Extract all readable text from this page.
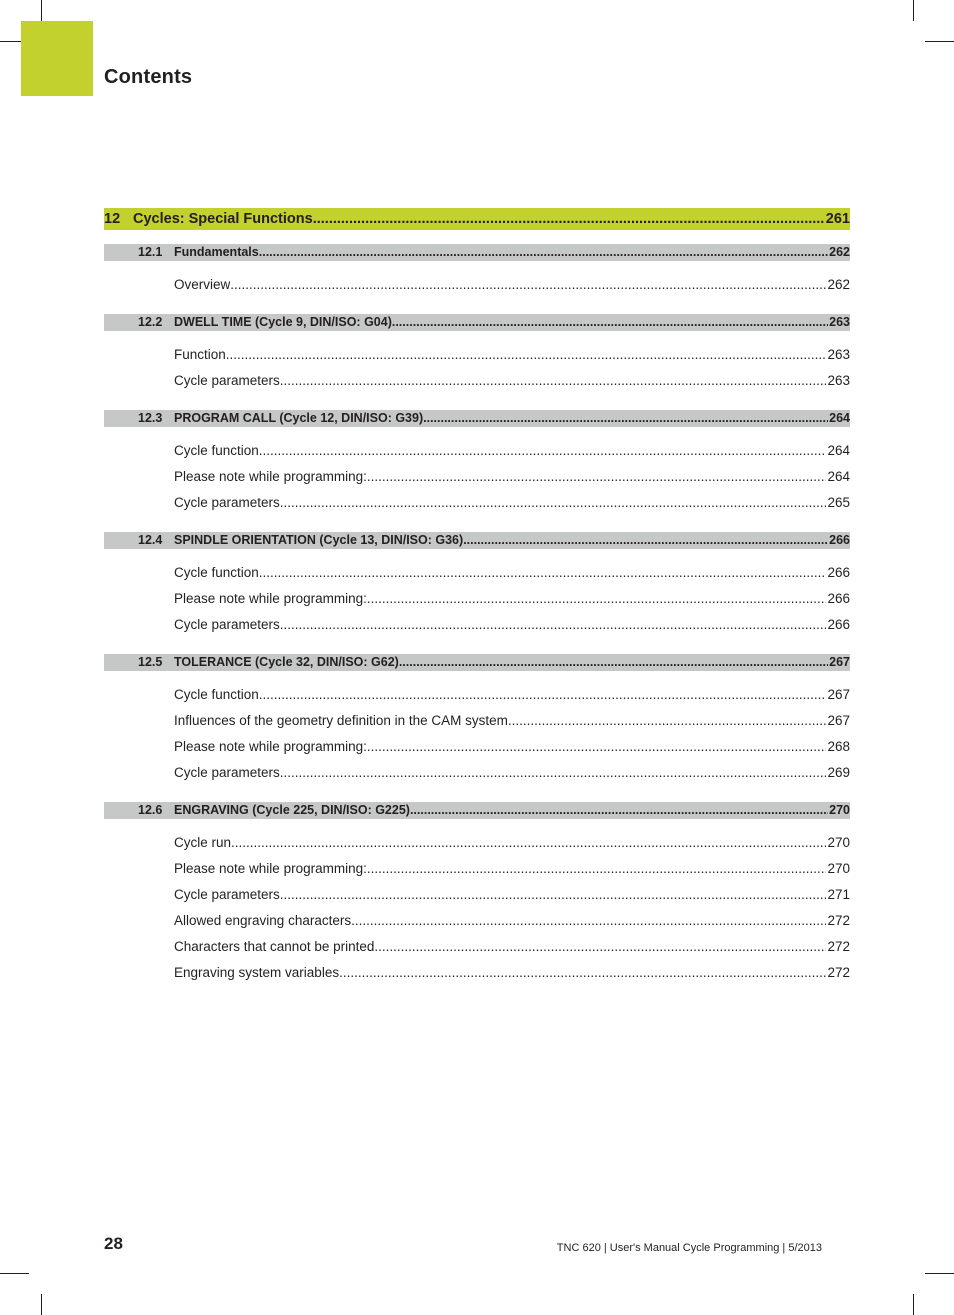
Contents
12 Cycles: Special Functions .....	261
12.1 Fundamentals .....	262
Overview .....	262
12.2 DWELL TIME (Cycle 9, DIN/ISO: G04) .....	263
Function .....	263
Cycle parameters .....	263
12.3 PROGRAM CALL (Cycle 12, DIN/ISO: G39) .....	264
Cycle function .....	264
Please note while programming: .....	264
Cycle parameters .....	265
12.4 SPINDLE ORIENTATION (Cycle 13, DIN/ISO: G36) .....	266
Cycle function .....	266
Please note while programming: .....	266
Cycle parameters .....	266
12.5 TOLERANCE (Cycle 32, DIN/ISO: G62) .....	267
Cycle function .....	267
Influences of the geometry definition in the CAM system .....	267
Please note while programming: .....	268
Cycle parameters .....	269
12.6 ENGRAVING (Cycle 225, DIN/ISO: G225) .....	270
Cycle run .....	270
Please note while programming: .....	270
Cycle parameters .....	271
Allowed engraving characters .....	272
Characters that cannot be printed .....	272
Engraving system variables .....	272
28	TNC 620 | User's Manual Cycle Programming | 5/2013
